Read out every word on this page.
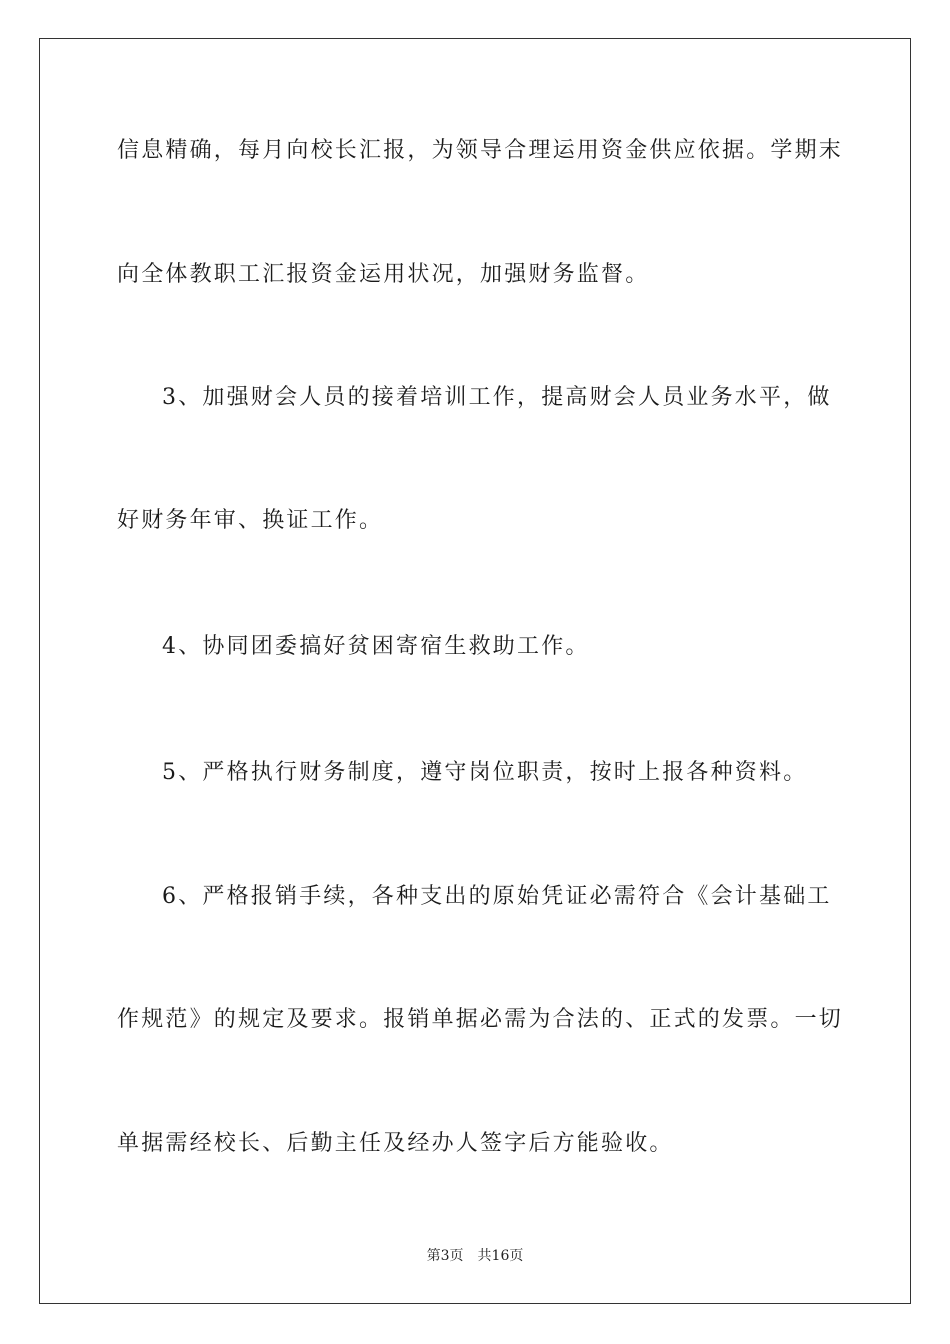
信息精确，每月向校长汇报，为领导合理运用资金供应依据。学期末
向全体教职工汇报资金运用状况，加强财务监督。
3、加强财会人员的接着培训工作，提高财会人员业务水平，做
好财务年审、换证工作。
4、协同团委搞好贫困寄宿生救助工作。
5、严格执行财务制度，遵守岗位职责，按时上报各种资料。
6、严格报销手续，各种支出的原始凭证必需符合《会计基础工
作规范》的规定及要求。报销单据必需为合法的、正式的发票。一切
单据需经校长、后勤主任及经办人签字后方能验收。
第3页 共16页
